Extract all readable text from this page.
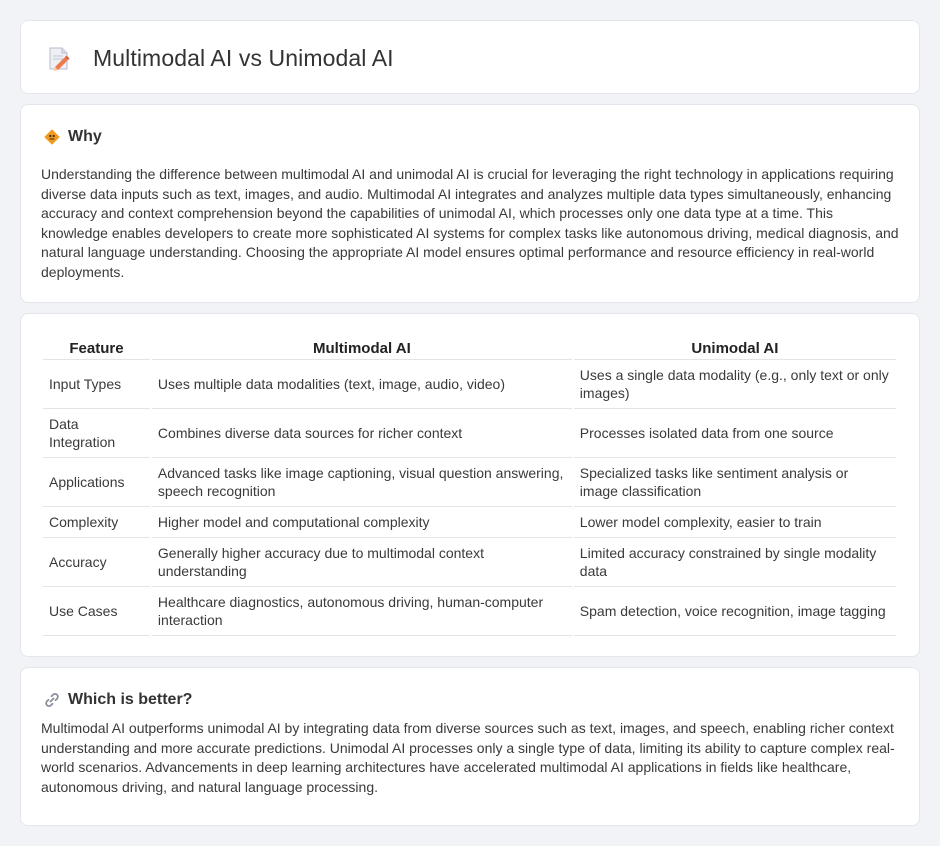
Multimodal AI vs Unimodal AI
Why

Understanding the difference between multimodal AI and unimodal AI is crucial for leveraging the right technology in applications requiring diverse data inputs such as text, images, and audio. Multimodal AI integrates and analyzes multiple data types simultaneously, enhancing accuracy and context comprehension beyond the capabilities of unimodal AI, which processes only one data type at a time. This knowledge enables developers to create more sophisticated AI systems for complex tasks like autonomous driving, medical diagnosis, and natural language understanding. Choosing the appropriate AI model ensures optimal performance and resource efficiency in real-world deployments.

Feature	Multimodal AI	Unimodal AI
Input Types	Uses multiple data modalities (text, image, audio, video)	Uses a single data modality (e.g., only text or only images)
Data Integration	Combines diverse data sources for richer context	Processes isolated data from one source
Applications	Advanced tasks like image captioning, visual question answering, speech recognition	Specialized tasks like sentiment analysis or image classification
Complexity	Higher model and computational complexity	Lower model complexity, easier to train
Accuracy	Generally higher accuracy due to multimodal context understanding	Limited accuracy constrained by single modality data
Use Cases	Healthcare diagnostics, autonomous driving, human-computer interaction	Spam detection, voice recognition, image tagging
Which is better?

Multimodal AI outperforms unimodal AI by integrating data from diverse sources such as text, images, and speech, enabling richer context understanding and more accurate predictions. Unimodal AI processes only a single type of data, limiting its ability to capture complex real-world scenarios. Advancements in deep learning architectures have accelerated multimodal AI applications in fields like healthcare, autonomous driving, and natural language processing.
